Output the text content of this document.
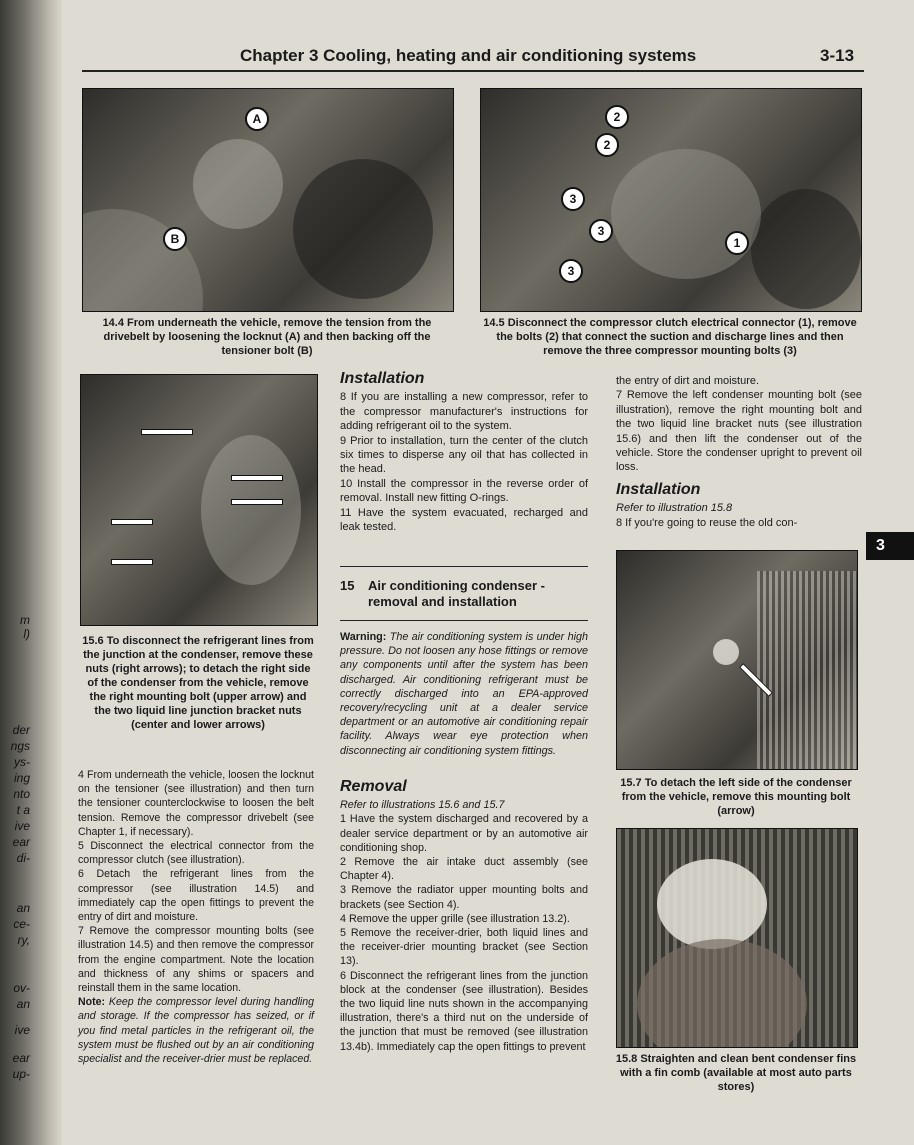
m
l)
der
ngs
ys-
ing
nto
t a
ive
ear
di-
an
ce-
ry,
ov-
an
ive
ear
up-
Chapter 3 Cooling, heating and air conditioning systems	3-13
A
B
14.4 From underneath the vehicle, remove the tension from the drivebelt by loosening the locknut (A) and then backing off the tensioner bolt (B)
2
2
3
3
3
1
14.5 Disconnect the compressor clutch electrical connector (1), remove the bolts (2) that connect the suction and discharge lines and then remove the three compressor mounting bolts (3)
15.6 To disconnect the refrigerant lines from the junction at the condenser, remove these nuts (right arrows); to detach the right side of the condenser from the vehicle, remove the right mounting bolt (upper arrow) and the two liquid line junction bracket nuts (center and lower arrows)

4 From underneath the vehicle, loosen the locknut on the tensioner (see illustration) and then turn the tensioner counterclockwise to loosen the belt tension. Remove the compressor drivebelt (see Chapter 1, if necessary).

5 Disconnect the electrical connector from the compressor clutch (see illustration).

6 Detach the refrigerant lines from the compressor (see illustration 14.5) and immediately cap the open fittings to prevent the entry of dirt and moisture.

7 Remove the compressor mounting bolts (see illustration 14.5) and then remove the compressor from the engine compartment. Note the location and thickness of any shims or spacers and reinstall them in the same location.

Note: Keep the compressor level during handling and storage. If the compressor has seized, or if you find metal particles in the refrigerant oil, the system must be flushed out by an air conditioning specialist and the receiver-drier must be replaced.

Installation

8 If you are installing a new compressor, refer to the compressor manufacturer's instructions for adding refrigerant oil to the system.

9 Prior to installation, turn the center of the clutch six times to disperse any oil that has collected in the head.

10 Install the compressor in the reverse order of removal. Install new fitting O-rings.

11 Have the system evacuated, recharged and leak tested.

15	Air conditioning condenser - removal and installation

Warning: The air conditioning system is under high pressure. Do not loosen any hose fittings or remove any components until after the system has been discharged. Air conditioning refrigerant must be correctly discharged into an EPA-approved recovery/recycling unit at a dealer service department or an automotive air conditioning repair facility. Always wear eye protection when disconnecting air conditioning system fittings.

Removal

Refer to illustrations 15.6 and 15.7

1 Have the system discharged and recovered by a dealer service department or by an automotive air conditioning shop.

2 Remove the air intake duct assembly (see Chapter 4).

3 Remove the radiator upper mounting bolts and brackets (see Section 4).

4 Remove the upper grille (see illustration 13.2).

5 Remove the receiver-drier, both liquid lines and the receiver-drier mounting bracket (see Section 13).

6 Disconnect the refrigerant lines from the junction block at the condenser (see illustration). Besides the two liquid line nuts shown in the accompanying illustration, there's a third nut on the underside of the junction that must be removed (see illustration 13.4b). Immediately cap the open fittings to prevent

the entry of dirt and moisture.

7 Remove the left condenser mounting bolt (see illustration), remove the right mounting bolt and the two liquid line bracket nuts (see illustration 15.6) and then lift the condenser out of the vehicle. Store the condenser upright to prevent oil loss.

Installation

Refer to illustration 15.8

8 If you're going to reuse the old con-

3
15.7 To detach the left side of the condenser from the vehicle, remove this mounting bolt (arrow)
15.8 Straighten and clean bent condenser fins with a fin comb (available at most auto parts stores)
